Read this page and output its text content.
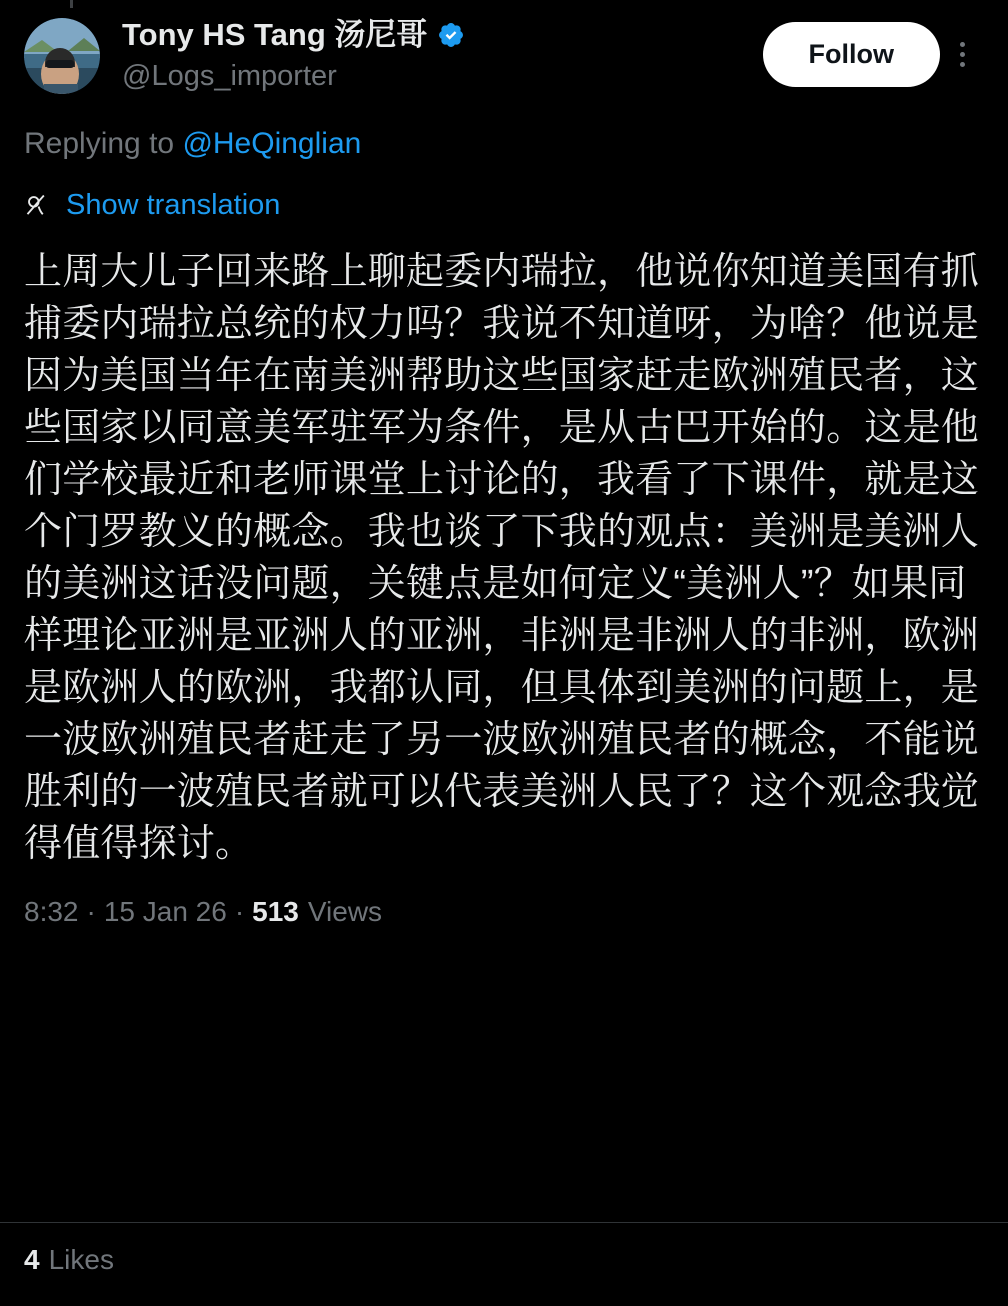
Tony HS Tang 汤尼哥
@Logs_importer
Follow
Replying to @HeQinglian
Show translation
上周大儿子回来路上聊起委内瑞拉，他说你知道美国有抓捕委内瑞拉总统的权力吗？我说不知道呀，为啥？他说是因为美国当年在南美洲帮助这些国家赶走欧洲殖民者，这些国家以同意美军驻军为条件，是从古巴开始的。这是他们学校最近和老师课堂上讨论的，我看了下课件，就是这个门罗教义的概念。我也谈了下我的观点：美洲是美洲人的美洲这话没问题，关键点是如何定义“美洲人”？如果同样理论亚洲是亚洲人的亚洲，非洲是非洲人的非洲，欧洲是欧洲人的欧洲，我都认同，但具体到美洲的问题上，是一波欧洲殖民者赶走了另一波欧洲殖民者的概念，不能说胜利的一波殖民者就可以代表美洲人民了？这个观念我觉得值得探讨。
8:32 · 15 Jan 26 · 513 Views
4 Likes
